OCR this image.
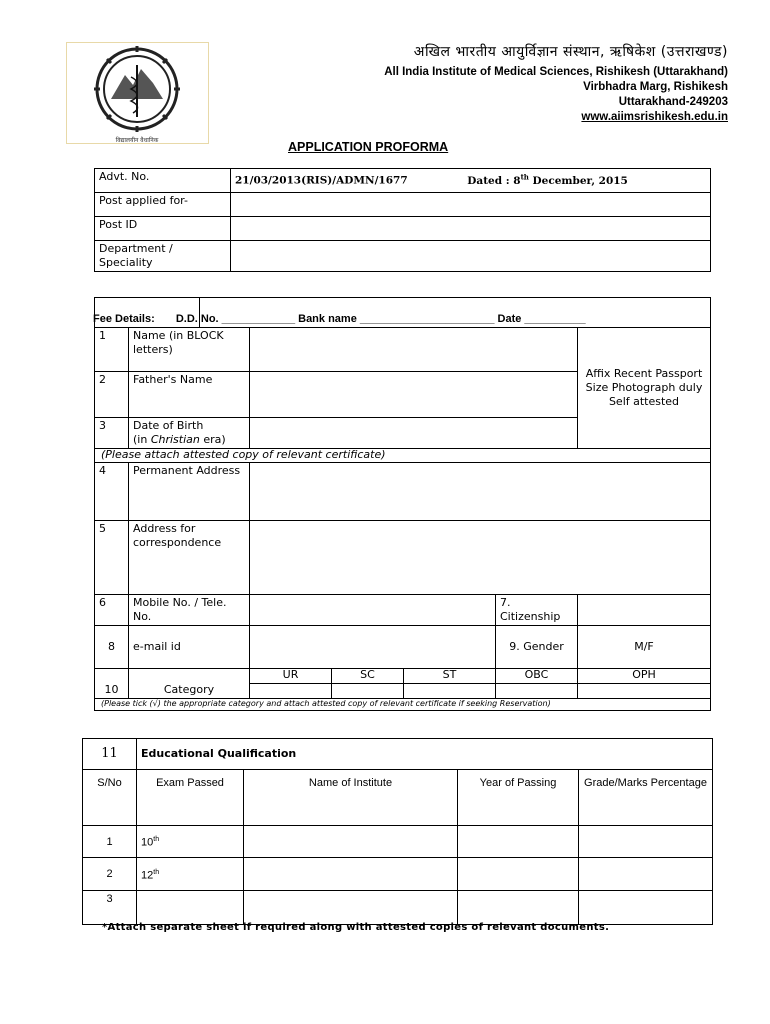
विद्यालयीन वैधानिक
अखिल भारतीय आयुर्विज्ञान संस्थान, ऋषिकेश (उत्तराखण्ड)
All India Institute of Medical Sciences, Rishikesh (Uttarakhand)
Virbhadra Marg, Rishikesh
Uttarakhand-249203
www.aiimsrishikesh.edu.in
APPLICATION PROFORMA
Advt. No.	21/03/2013(RIS)/ADMN/1677 Dated : 8th December, 2015
Post applied for-	
Post ID	
Department / Speciality	
Fee Details: D.D. No. ____________ Bank name ______________________ Date __________
1	Name (in BLOCK letters)					Affix Recent Passport Size Photograph duly Self attested
2	Father's Name					
3	Date of Birth
(in Christian era)					
(Please attach attested copy of relevant certificate)						
4	Permanent Address					
5	Address for correspondence					
6	Mobile No. / Tele. No.				7. Citizenship	
8	e-mail id				9. Gender	M/F
10	Category	UR	SC	ST	OBC	OPH

(Please tick (√) the appropriate category and attach attested copy of relevant certificate if seeking Reservation)						
11	Educational Qualification			
S/No	Exam Passed	Name of Institute	Year of Passing	Grade/Marks Percentage
1	10th			
2	12th			
3				
*Attach separate sheet if required along with attested copies of relevant documents.
